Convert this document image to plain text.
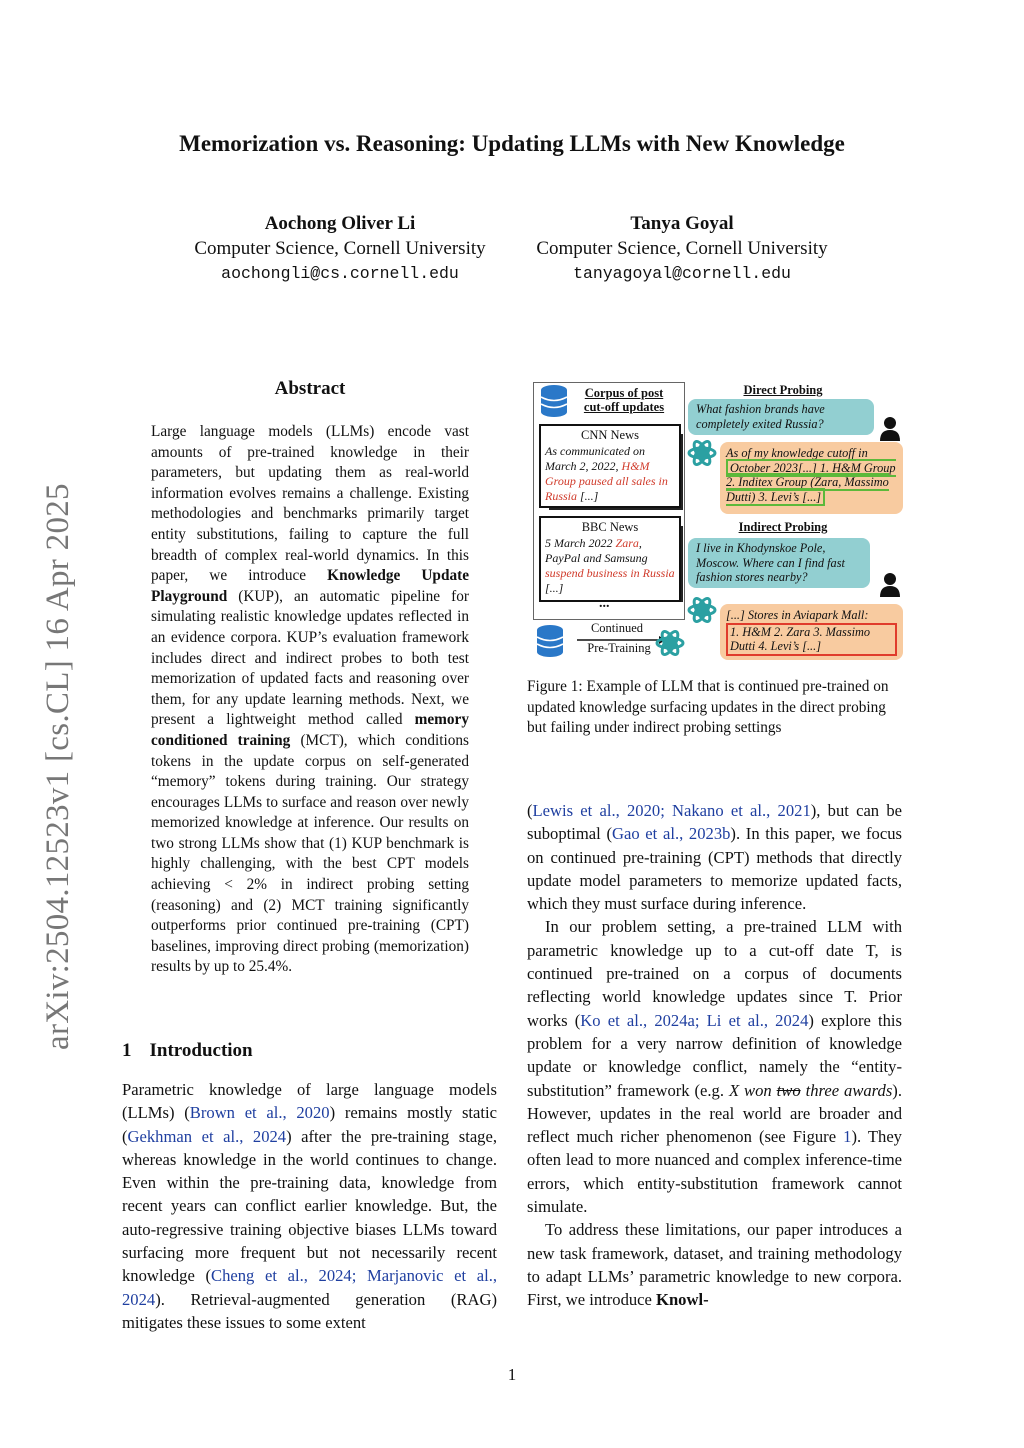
Memorization vs. Reasoning: Updating LLMs with New Knowledge
Aochong Oliver Li
Computer Science, Cornell University
aochongli@cs.cornell.edu
Tanya Goyal
Computer Science, Cornell University
tanyagoyal@cornell.edu
arXiv:2504.12523v1 [cs.CL] 16 Apr 2025
Abstract
Large language models (LLMs) encode vast amounts of pre-trained knowledge in their parameters, but updating them as real-world information evolves remains a challenge. Existing methodologies and benchmarks primarily target entity substitutions, failing to capture the full breadth of complex real-world dynamics. In this paper, we introduce Knowledge Update Playground (KUP), an automatic pipeline for simulating realistic knowledge updates reflected in an evidence corpora. KUP’s evaluation framework includes direct and indirect probes to both test memorization of updated facts and reasoning over them, for any update learning methods. Next, we present a lightweight method called memory conditioned training (MCT), which conditions tokens in the update corpus on self-generated “memory” tokens during training. Our strategy encourages LLMs to surface and reason over newly memorized knowledge at inference. Our results on two strong LLMs show that (1) KUP benchmark is highly challenging, with the best CPT models achieving < 2% in indirect probing setting (reasoning) and (2) MCT training significantly outperforms prior continued pre-training (CPT) baselines, improving direct probing (memorization) results by up to 25.4%.
1 Introduction

Parametric knowledge of large language models (LLMs) (Brown et al., 2020) remains mostly static (Gekhman et al., 2024) after the pre-training stage, whereas knowledge in the world continues to change. Even within the pre-training data, knowledge from recent years can conflict earlier knowledge. But, the auto-regressive training objective biases LLMs toward surfacing more frequent but not necessarily recent knowledge (Cheng et al., 2024; Marjanovic et al., 2024). Retrieval-augmented generation (RAG) mitigates these issues to some extent

(Lewis et al., 2020; Nakano et al., 2021), but can be suboptimal (Gao et al., 2023b). In this paper, we focus on continued pre-training (CPT) methods that directly update model parameters to memorize updated facts, which they must surface during inference.

In our problem setting, a pre-trained LLM with parametric knowledge up to a cut-off date T, is continued pre-trained on a corpus of documents reflecting world knowledge updates since T. Prior works (Ko et al., 2024a; Li et al., 2024) explore this problem for a very narrow definition of knowledge update or knowledge conflict, namely the “entity-substitution” framework (e.g. X won two three awards). However, updates in the real world are broader and reflect much richer phenomenon (see Figure 1). They often lead to more nuanced and complex inference-time errors, which entity-substitution framework cannot simulate.

To address these limitations, our paper introduces a new task framework, dataset, and training methodology to adapt LLMs’ parametric knowledge to new corpora. First, we introduce Knowl-

Corpus of post cut-off updates
CNN News
As communicated on March 2, 2022, H&M Group paused all sales in Russia [...]
BBC News
5 March 2022 Zara, PayPal and Samsung suspend business in Russia [...]
...
Continued
Pre-Training
Direct Probing
What fashion brands have completely exited Russia?
As of my knowledge cutoff in October 2023[...] 1. H&M Group 2. Inditex Group (Zara, Massimo Dutti) 3. Levi’s [...]
Indirect Probing
I live in Khodynskoe Pole, Moscow. Where can I find fast fashion stores nearby?
[...] Stores in Aviapark Mall:
1. H&M 2. Zara 3. Massimo Dutti 4. Levi’s [...]
Figure 1: Example of LLM that is continued pre-trained on updated knowledge surfacing updates in the direct probing but failing under indirect probing settings
1
